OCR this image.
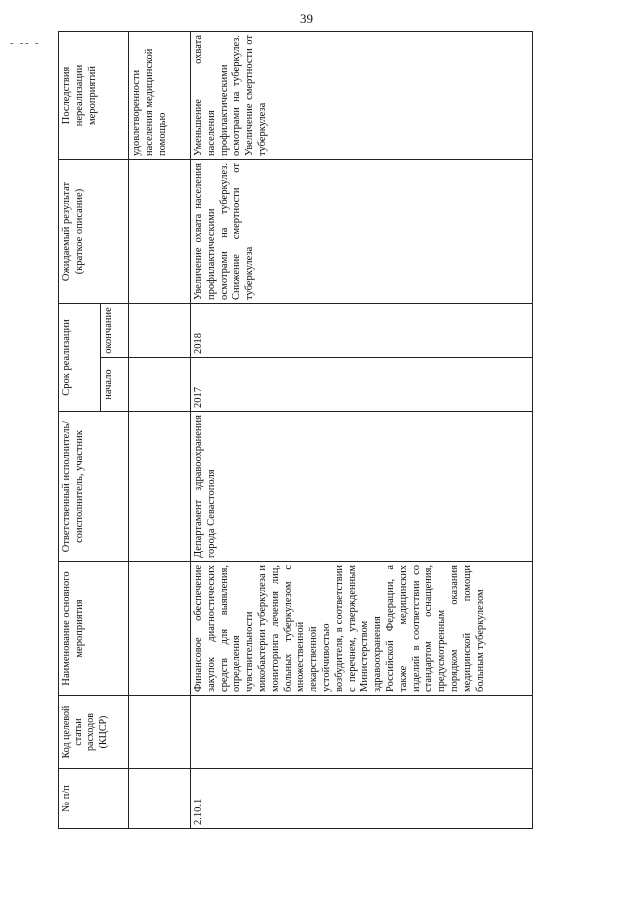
39
- -- -
№ п/п	Код целевой статьи расходов (КЦСР)	Наименование основного мероприятия	Ответственный исполнитель/соисполнитель, участник	Срок реализации		Ожидаемый результат (краткое описание)	Последствия нереализации мероприятий
				начало	окончание		
							удовлетворенности населения медицинской помощью
2.10.1		Финансовое обеспечение закупок диагностических средств для выявления, определения чувствительности микобактерии туберкулеза и мониторинга лечения лиц, больных туберкулезом с множественной лекарственной устойчивостью возбудителя, в соответствии с перечнем, утвержденным Министерством здравоохранения Российской Федерации, а также медицинских изделий в соответствии со стандартом оснащения, предусмотренным порядком оказания медицинской помощи больным туберкулезом	Департамент здравоохранения города Севастополя	2017	2018	Увеличение охвата населения профилактическими осмотрами на туберкулез. Снижение смертности от туберкулеза	Уменьшение охвата населения профилактическими осмотрами на туберкулез. Увеличение смертности от туберкулеза
